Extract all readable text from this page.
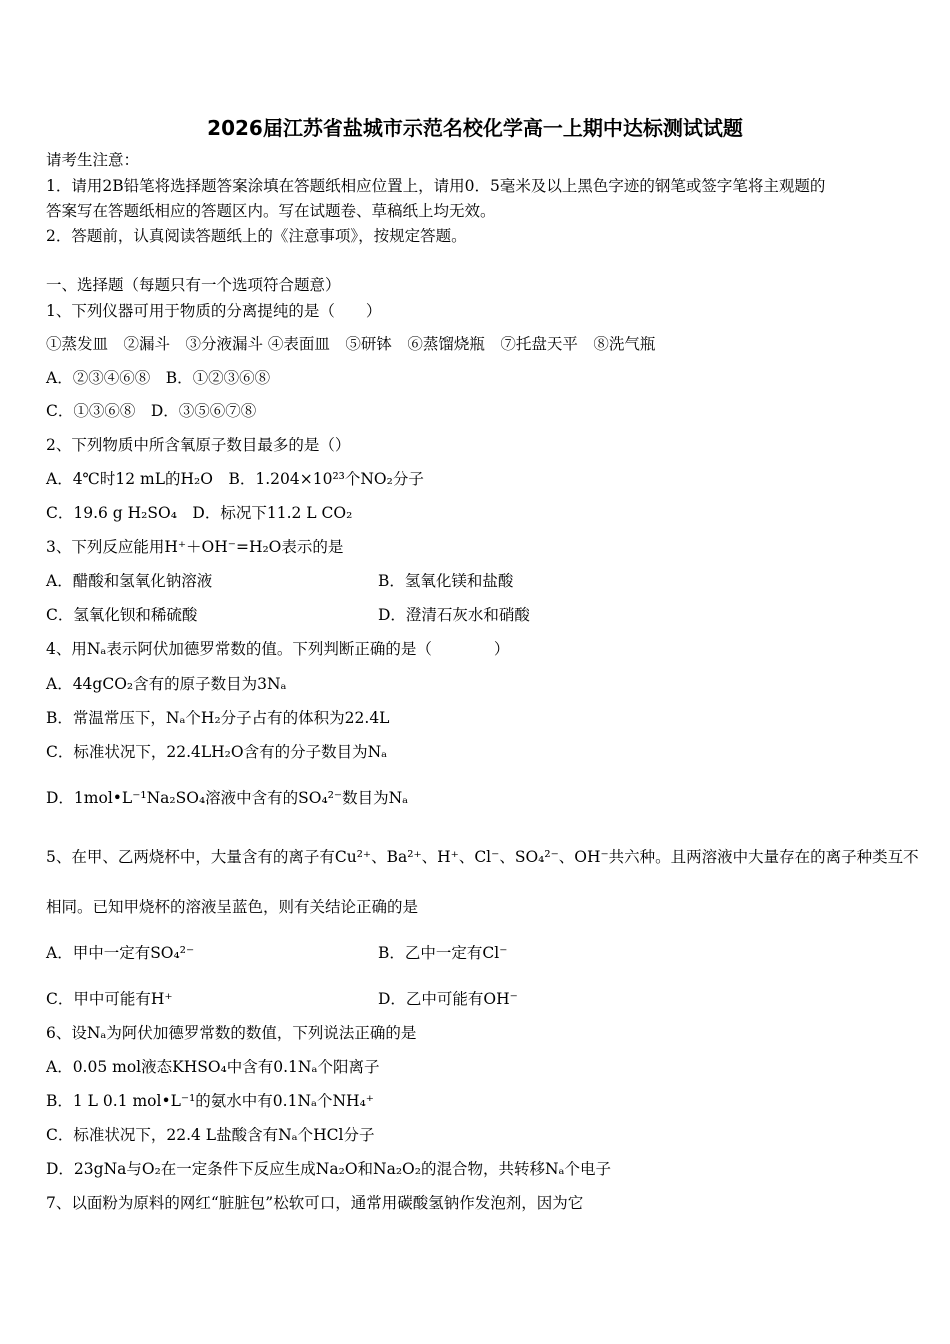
2026届江苏省盐城市示范名校化学高一上期中达标测试试题
请考生注意：
1．请用2B铅笔将选择题答案涂填在答题纸相应位置上，请用0．5毫米及以上黑色字迹的钢笔或签字笔将主观题的
答案写在答题纸相应的答题区内。写在试题卷、草稿纸上均无效。
2．答题前，认真阅读答题纸上的《注意事项》，按规定答题。
一、选择题（每题只有一个选项符合题意）
1、下列仪器可用于物质的分离提纯的是（　　）
①蒸发皿　②漏斗　③分液漏斗 ④表面皿　⑤研钵　⑥蒸馏烧瓶　⑦托盘天平　⑧洗气瓶
A．②③④⑥⑧　B．①②③⑥⑧
C．①③⑥⑧　D．③⑤⑥⑦⑧
2、下列物质中所含氧原子数目最多的是（）
A．4℃时12 mL的H₂O　B．1.204×10²³个NO₂分子
C．19.6 g H₂SO₄　D．标况下11.2 L CO₂
3、下列反应能用H⁺＋OH⁻=H₂O表示的是
A．醋酸和氢氧化钠溶液	B．氢氧化镁和盐酸
C．氢氧化钡和稀硫酸	D．澄清石灰水和硝酸
4、用Nₐ表示阿伏加德罗常数的值。下列判断正确的是（　　　　）
A．44gCO₂含有的原子数目为3Nₐ
B．常温常压下，Nₐ个H₂分子占有的体积为22.4L
C．标准状况下，22.4LH₂O含有的分子数目为Nₐ
D．1mol•L⁻¹Na₂SO₄溶液中含有的SO₄²⁻数目为Nₐ
5、在甲、乙两烧杯中，大量含有的离子有Cu²⁺、Ba²⁺、H⁺、Cl⁻、SO₄²⁻、OH⁻共六种。且两溶液中大量存在的离子种类互不
相同。已知甲烧杯的溶液呈蓝色，则有关结论正确的是
A．甲中一定有SO₄²⁻	B．乙中一定有Cl⁻
C．甲中可能有H⁺	D．乙中可能有OH⁻
6、设Nₐ为阿伏加德罗常数的数值，下列说法正确的是
A．0.05 mol液态KHSO₄中含有0.1Nₐ个阳离子
B．1 L 0.1 mol•L⁻¹的氨水中有0.1Nₐ个NH₄⁺
C．标准状况下，22.4 L盐酸含有Nₐ个HCl分子
D．23gNa与O₂在一定条件下反应生成Na₂O和Na₂O₂的混合物，共转移Nₐ个电子
7、以面粉为原料的网红“脏脏包”松软可口，通常用碳酸氢钠作发泡剂，因为它
